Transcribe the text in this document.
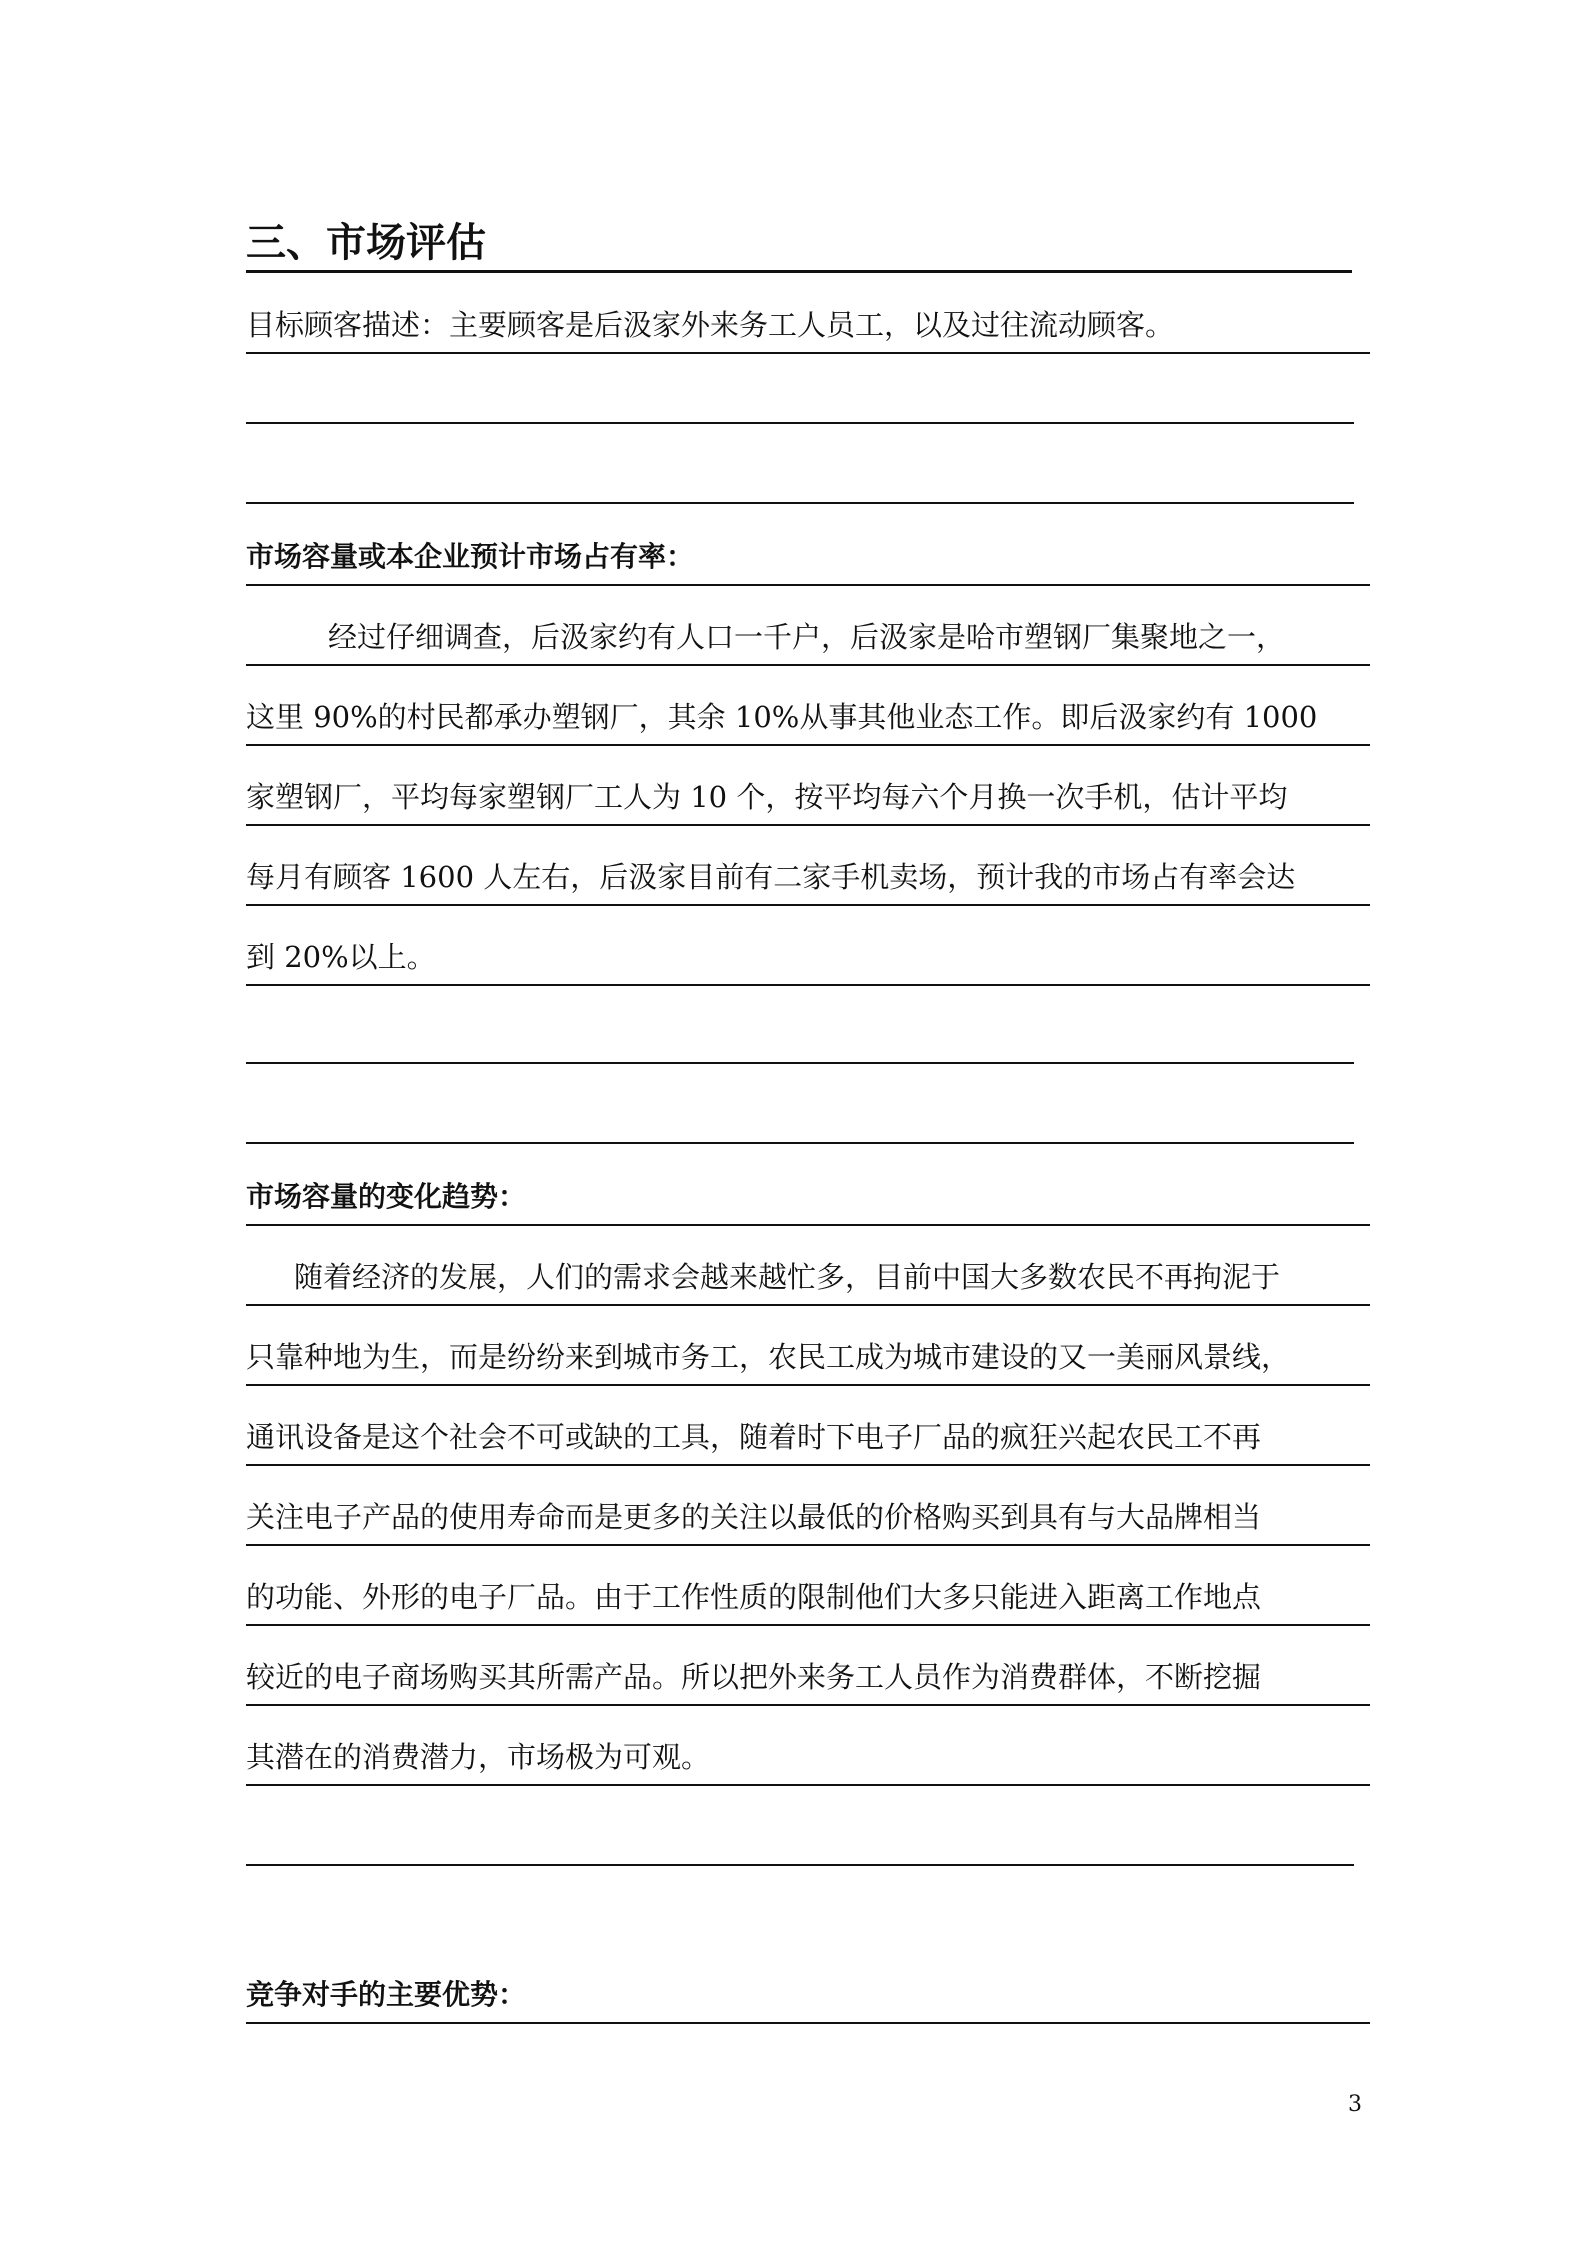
三、市场评估
目标顾客描述：主要顾客是后汲家外来务工人员工，以及过往流动顾客。
市场容量或本企业预计市场占有率：
经过仔细调查，后汲家约有人口一千户，后汲家是哈市塑钢厂集聚地之一，
这里 90%的村民都承办塑钢厂，其余 10%从事其他业态工作。即后汲家约有 1000
家塑钢厂，平均每家塑钢厂工人为 10 个，按平均每六个月换一次手机，估计平均
每月有顾客 1600 人左右，后汲家目前有二家手机卖场，预计我的市场占有率会达
到 20%以上。
市场容量的变化趋势：
随着经济的发展，人们的需求会越来越忙多，目前中国大多数农民不再拘泥于
只靠种地为生，而是纷纷来到城市务工，农民工成为城市建设的又一美丽风景线，
通讯设备是这个社会不可或缺的工具，随着时下电子厂品的疯狂兴起农民工不再
关注电子产品的使用寿命而是更多的关注以最低的价格购买到具有与大品牌相当
的功能、外形的电子厂品。由于工作性质的限制他们大多只能进入距离工作地点
较近的电子商场购买其所需产品。所以把外来务工人员作为消费群体，不断挖掘
其潜在的消费潜力，市场极为可观。
竞争对手的主要优势：
3
